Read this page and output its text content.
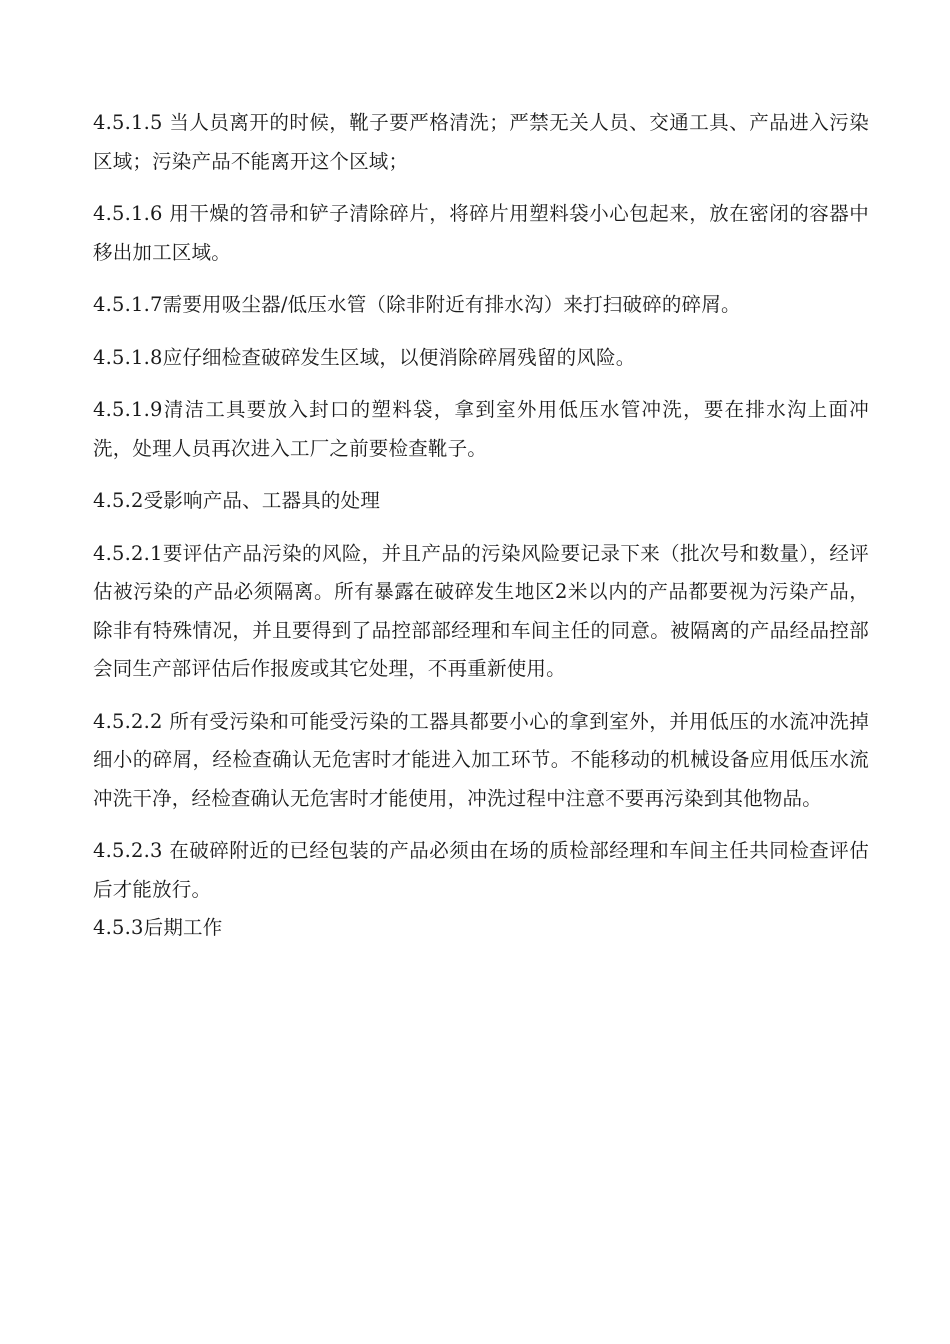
4.5.1.5 当人员离开的时候，靴子要严格清洗；严禁无关人员、交通工具、产品进入污染区域；污染产品不能离开这个区域；

4.5.1.6 用干燥的笤帚和铲子清除碎片，将碎片用塑料袋小心包起来，放在密闭的容器中移出加工区域。

4.5.1.7需要用吸尘器/低压水管（除非附近有排水沟）来打扫破碎的碎屑。

4.5.1.8应仔细检查破碎发生区域，以便消除碎屑残留的风险。

4.5.1.9清洁工具要放入封口的塑料袋，拿到室外用低压水管冲洗，要在排水沟上面冲洗，处理人员再次进入工厂之前要检查靴子。

4.5.2受影响产品、工器具的处理

4.5.2.1要评估产品污染的风险，并且产品的污染风险要记录下来（批次号和数量），经评估被污染的产品必须隔离。所有暴露在破碎发生地区2米以内的产品都要视为污染产品，除非有特殊情况，并且要得到了品控部部经理和车间主任的同意。被隔离的产品经品控部会同生产部评估后作报废或其它处理，不再重新使用。

4.5.2.2 所有受污染和可能受污染的工器具都要小心的拿到室外，并用低压的水流冲洗掉细小的碎屑，经检查确认无危害时才能进入加工环节。不能移动的机械设备应用低压水流冲洗干净，经检查确认无危害时才能使用，冲洗过程中注意不要再污染到其他物品。

4.5.2.3 在破碎附近的已经包装的产品必须由在场的质检部经理和车间主任共同检查评估后才能放行。

4.5.3后期工作
